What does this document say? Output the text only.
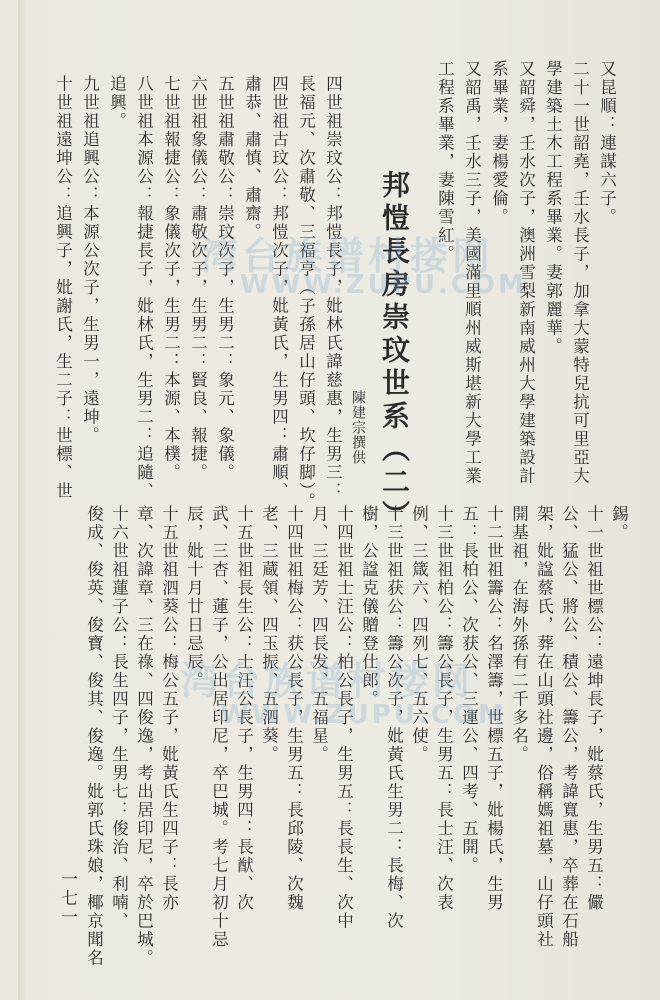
又昆順：連謀六子。
二十一世韶堯，壬水長子，加拿大蒙特兒抗可里亞大
學建築土木工程系畢業。妻郭麗華。
又韶舜，壬水次子，澳洲雪梨新南威州大學建築設計
系畢業，妻楊愛倫。
又韶禹，壬水三子，美國滿里順州威斯堪新大學工業
工程系畢業，妻陳雪紅。
邦愷長房崇玟世系（二）
陳建宗撰供
四世祖崇玟公：邦愷長子，妣林氏諱慈惠，生男三：
長福元、次肅敬、三福亨（子孫居山仔頭、坎仔脚）。
四世祖古玟公：邦愷次子，妣黃氏，生男四：肅順、
肅恭、肅慎、肅齋。
五世祖肅敬公：崇玟次子，生男二：象元、象儀。
六世祖象儀公：肅敬次子，生男二：賢良、報捷。
七世祖報捷公：象儀次子，生男二：本源、本樸。
八世祖本源公：報捷長子，妣林氏，生男二：追隨、
追興。
九世祖追興公：本源公次子，生男一，遠坤。
十世祖遠坤公：追興子，妣謝氏，生二子：世標、世
錫。
十一世祖世標公：遠坤長子，妣蔡氏，生男五：儼
公、猛公、將公、積公、籌公，考諱寬惠，卒葬在石船
架，妣諡蔡氏，葬在山頭社邊，俗稱媽祖墓，山仔頭社
開基祖，在海外孫有二千多名。
十二世祖籌公：名澤籌，世標五子，妣楊氏，生男
五：長柏公、次获公、三運公、四考、五開。
十三世祖柏公：籌公長子，生男五：長士汪、次表
例、三箴六、四列七、五六使。
十三世祖获公：籌公次子，妣黃氏生男二：長梅、次
樹，公諡克儀贈登仕郎。
十四世祖士汪公：柏公長子，生男五：長長生、次中
月、三廷芳、四長发、五福星。
十四世祖梅公：获公長子，生男五：長邱陵、次魏
老、三蔵領、四玉振、五泗葵。
十五世祖長生公：士汪公長子，生男四：長猷、次
武、三杏、蓮子，公出居印尼，卒巴城。考七月初十忌
辰，妣十月廿日忌辰。
十五世祖泗葵公：梅公五子，妣黃氏生四子：長亦
章、次諱章、三在祿、四俊逸，考出居印尼，卒於巴城。
十六世祖蓮子公：長生四子，生男七：俊治、利喃、
俊成、俊英、俊寶、俊其、俊逸。妣郭氏珠娘，椰京聞名
一七一
湾台族谱村搂网
WWW.ZUPU.COM
湾台族谱村搂网
WWW.ZUPU.COM
